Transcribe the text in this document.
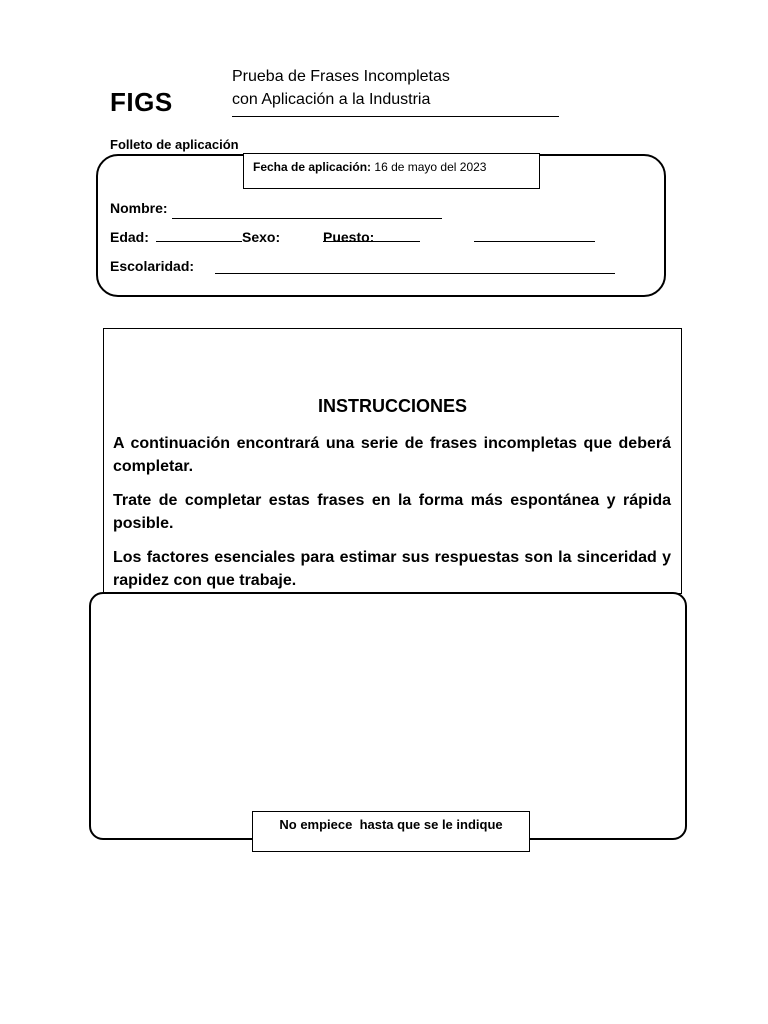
FIGS
Prueba de Frases Incompletas
con Aplicación a la Industria
Folleto de aplicación
Fecha de aplicación: 16 de mayo del 2023
Nombre:
Edad:	Sexo:	Puesto:
Escolaridad:
INSTRUCCIONES
A continuación encontrará una serie de frases incompletas que deberá completar.
Trate de completar estas frases en la forma más espontánea y rápida posible.
Los factores esenciales para estimar sus respuestas son la sinceridad y rapidez con que trabaje.
No empiece  hasta que se le indique
